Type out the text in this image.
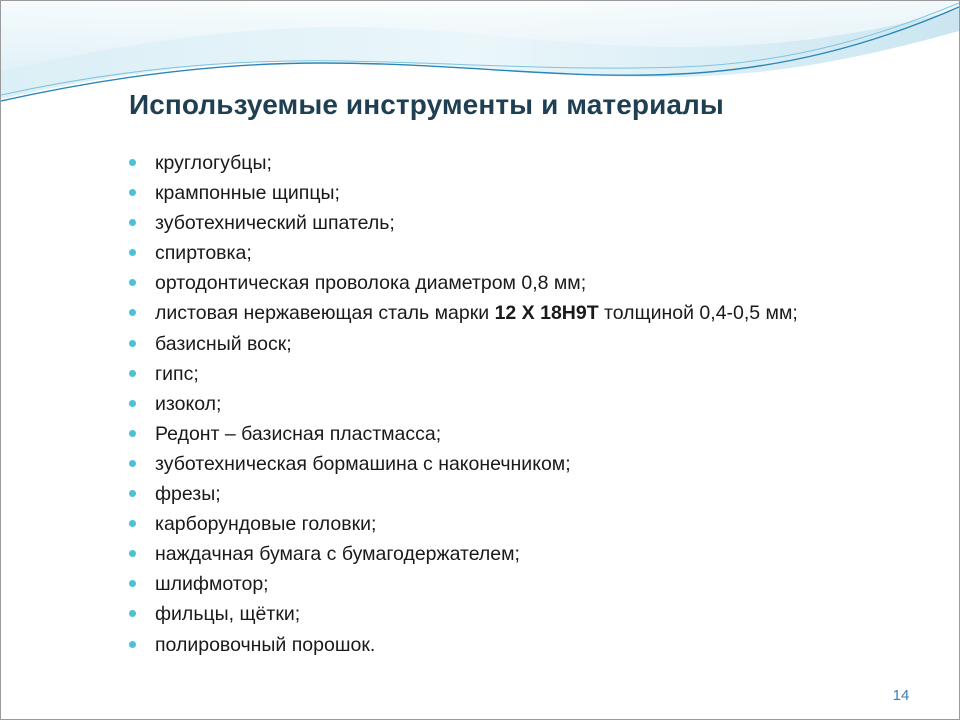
Используемые инструменты и материалы
круглогубцы;
крампонные щипцы;
зуботехнический шпатель;
спиртовка;
ортодонтическая проволока диаметром 0,8 мм;
листовая нержавеющая сталь марки 12 Х 18Н9Т толщиной 0,4-0,5 мм;
базисный воск;
гипс;
изокол;
Редонт – базисная пластмасса;
зуботехническая бормашина с наконечником;
фрезы;
карборундовые головки;
наждачная бумага с бумагодержателем;
шлифмотор;
фильцы, щётки;
полировочный порошок.
14
